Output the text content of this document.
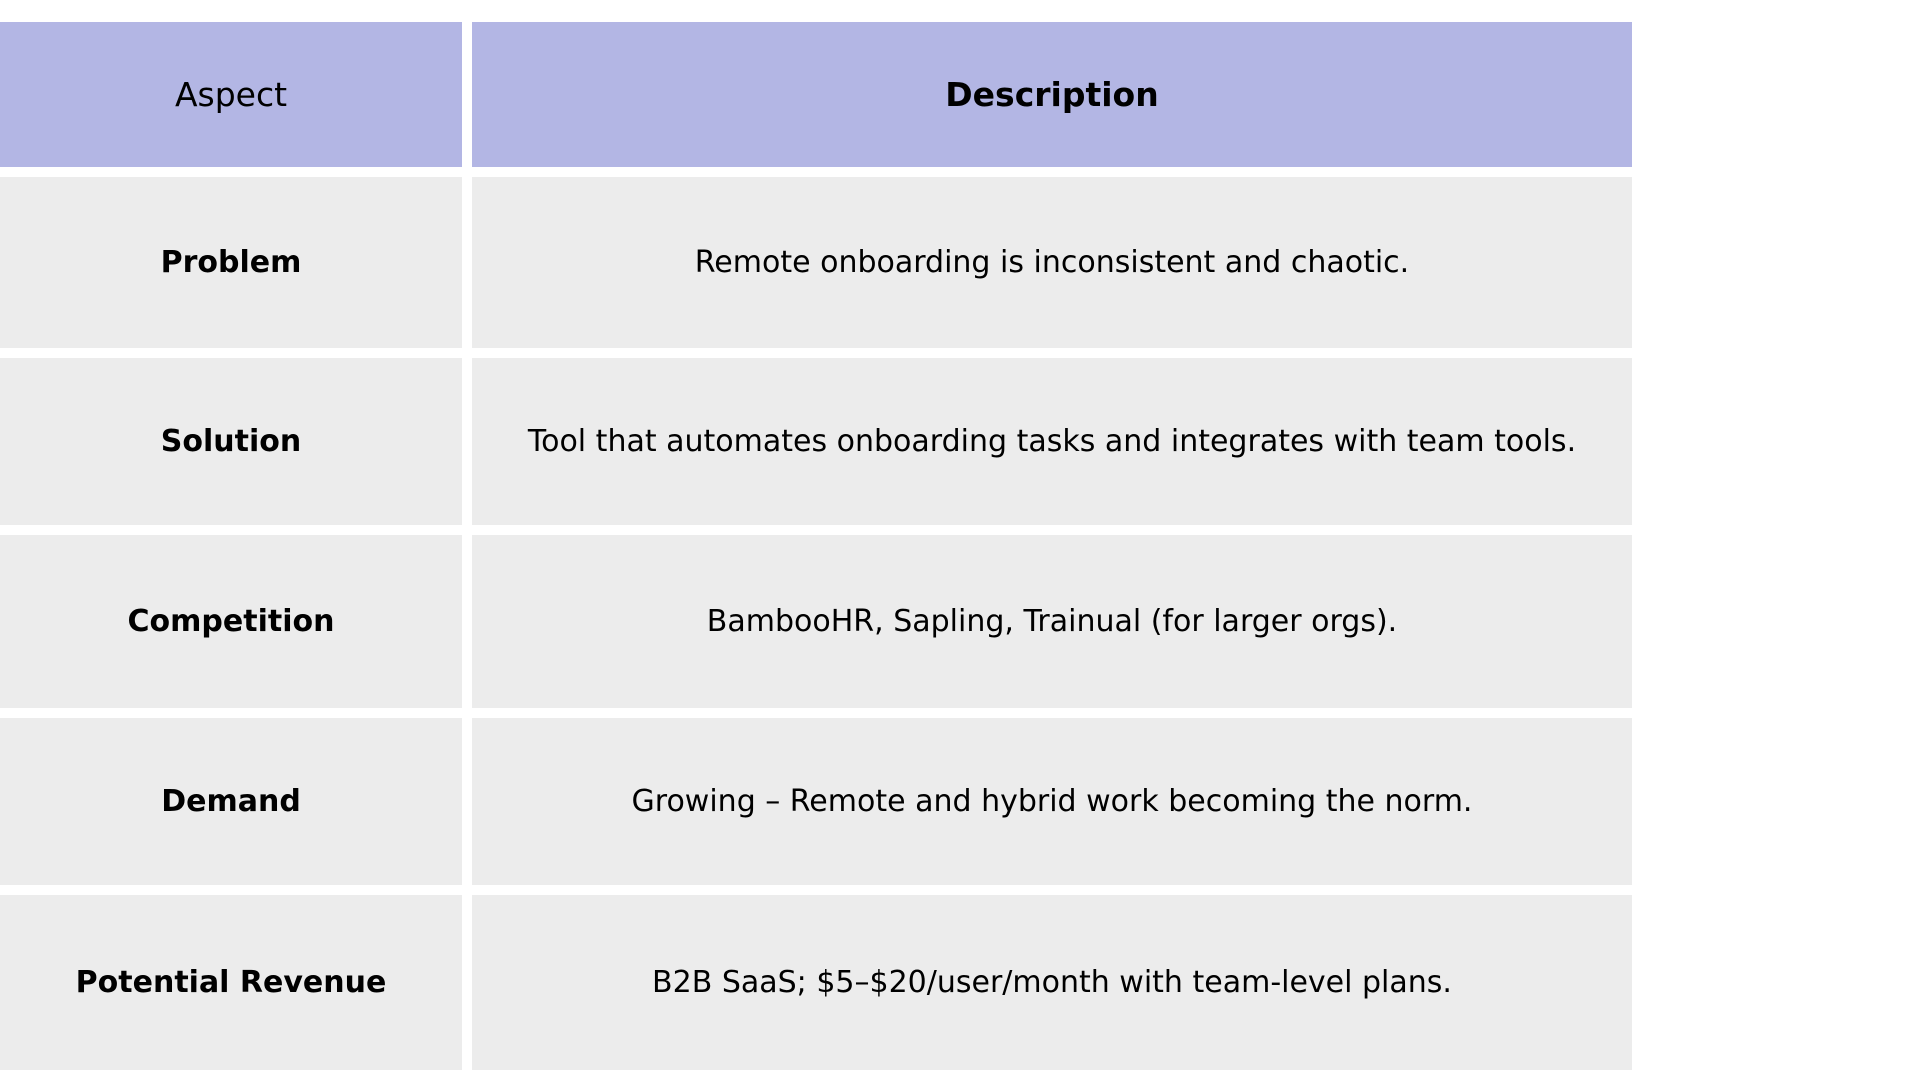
Aspect	Description
Problem	Remote onboarding is inconsistent and chaotic.
Solution	Tool that automates onboarding tasks and integrates with team tools.
Competition	BambooHR, Sapling, Trainual (for larger orgs).
Demand	Growing – Remote and hybrid work becoming the norm.
Potential Revenue	B2B SaaS; $5–$20/user/month with team-level plans.
